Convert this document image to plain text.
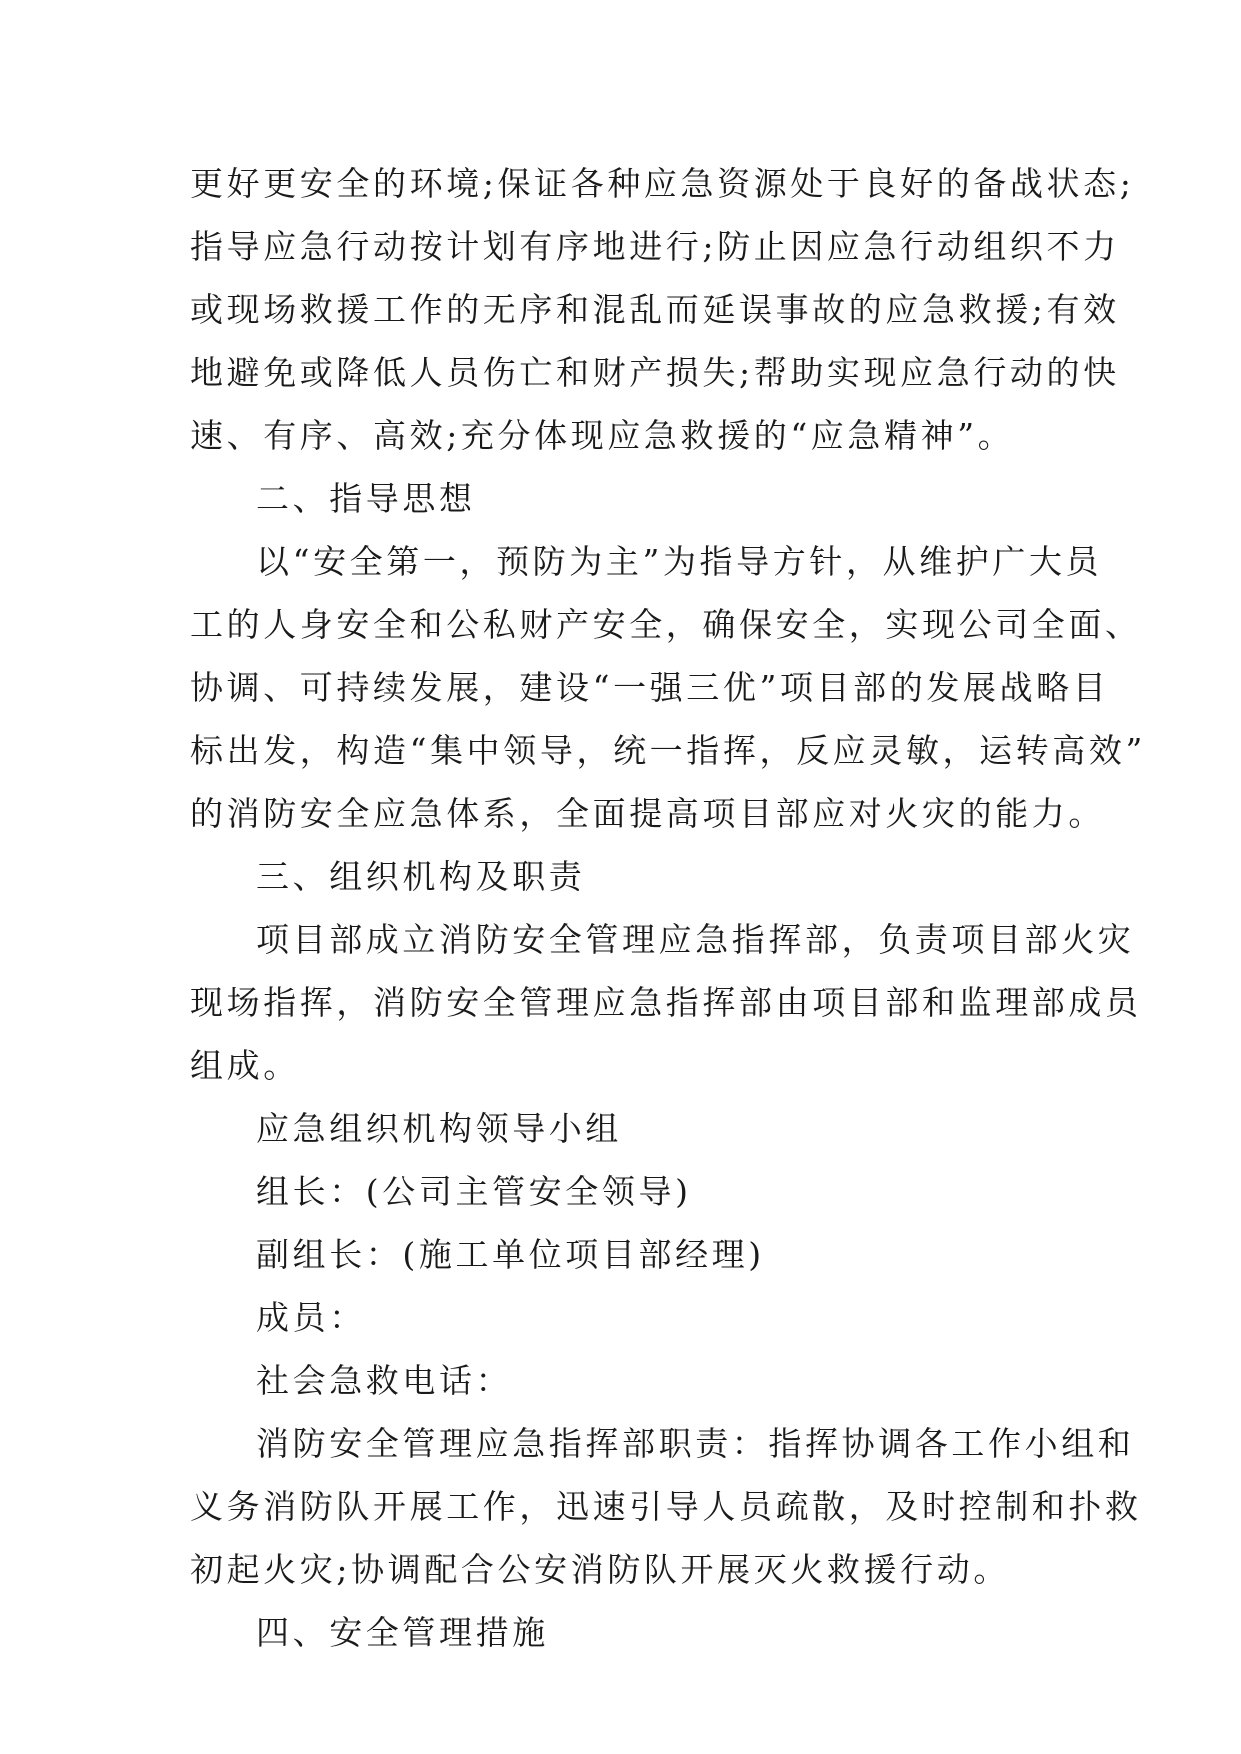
更好更安全的环境;保证各种应急资源处于良好的备战状态;
指导应急行动按计划有序地进行;防止因应急行动组织不力
或现场救援工作的无序和混乱而延误事故的应急救援;有效
地避免或降低人员伤亡和财产损失;帮助实现应急行动的快
速、有序、高效;充分体现应急救援的“应急精神”。
二、指导思想
以“安全第一，预防为主”为指导方针，从维护广大员
工的人身安全和公私财产安全，确保安全，实现公司全面、
协调、可持续发展，建设“一强三优”项目部的发展战略目
标出发，构造“集中领导，统一指挥，反应灵敏，运转高效”
的消防安全应急体系，全面提高项目部应对火灾的能力。
三、组织机构及职责
项目部成立消防安全管理应急指挥部，负责项目部火灾
现场指挥，消防安全管理应急指挥部由项目部和监理部成员
组成。
应急组织机构领导小组
组长：(公司主管安全领导)
副组长：(施工单位项目部经理)
成员：
社会急救电话：
消防安全管理应急指挥部职责：指挥协调各工作小组和
义务消防队开展工作，迅速引导人员疏散，及时控制和扑救
初起火灾;协调配合公安消防队开展灭火救援行动。
四、安全管理措施
